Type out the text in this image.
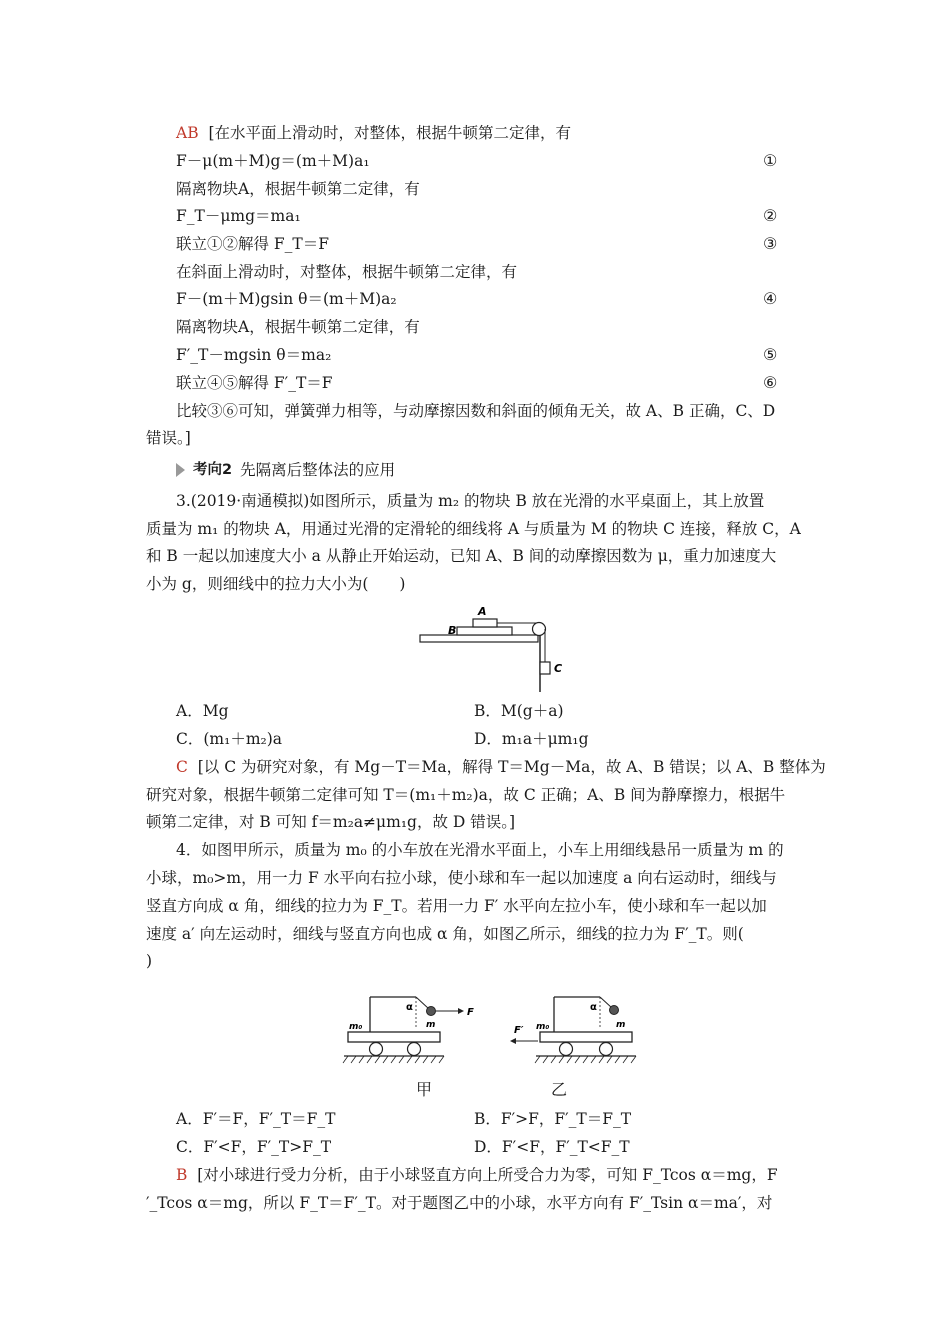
AB [在水平面上滑动时，对整体，根据牛顿第二定律，有
F－μ(m＋M)g＝(m＋M)a₁	①
隔离物块A，根据牛顿第二定律，有
F_T－μmg＝ma₁	②
联立①②解得 F_T＝F	③
在斜面上滑动时，对整体，根据牛顿第二定律，有
F－(m＋M)gsin θ＝(m＋M)a₂	④
隔离物块A，根据牛顿第二定律，有
F′_T－mgsin θ＝ma₂	⑤
联立④⑤解得 F′_T＝F	⑥
比较③⑥可知，弹簧弹力相等，与动摩擦因数和斜面的倾角无关，故 A、B 正确，C、D
错误。]
考向2 先隔离后整体法的应用
3.(2019·南通模拟)如图所示，质量为 m₂ 的物块 B 放在光滑的水平桌面上，其上放置
质量为 m₁ 的物块 A，用通过光滑的定滑轮的细线将 A 与质量为 M 的物块 C 连接，释放 C，A
和 B 一起以加速度大小 a 从静止开始运动，已知 A、B 间的动摩擦因数为 μ，重力加速度大
小为 g，则细线中的拉力大小为(　　)
A
B
C
A．Mg	B．M(g＋a)
C．(m₁＋m₂)a	D．m₁a＋μm₁g
C [以 C 为研究对象，有 Mg－T＝Ma，解得 T＝Mg－Ma，故 A、B 错误；以 A、B 整体为
研究对象，根据牛顿第二定律可知 T＝(m₁＋m₂)a，故 C 正确；A、B 间为静摩擦力，根据牛
顿第二定律，对 B 可知 f＝m₂a≠μm₁g，故 D 错误。]
4．如图甲所示，质量为 m₀ 的小车放在光滑水平面上，小车上用细线悬吊一质量为 m 的
小球，m₀>m，用一力 F 水平向右拉小球，使小球和车一起以加速度 a 向右运动时，细线与
竖直方向成 α 角，细线的拉力为 F_T。若用一力 F′ 水平向左拉小车，使小球和车一起以加
速度 a′ 向左运动时，细线与竖直方向也成 α 角，如图乙所示，细线的拉力为 F′_T。则(
)
F
α
m
m₀
α
m
m₀
F′
甲	乙
A．F′＝F，F′_T＝F_T	B．F′>F，F′_T＝F_T
C．F′<F，F′_T>F_T	D．F′<F，F′_T<F_T
B [对小球进行受力分析，由于小球竖直方向上所受合力为零，可知 F_Tcos α＝mg，F
′_Tcos α＝mg，所以 F_T＝F′_T。对于题图乙中的小球，水平方向有 F′_Tsin α＝ma′，对
